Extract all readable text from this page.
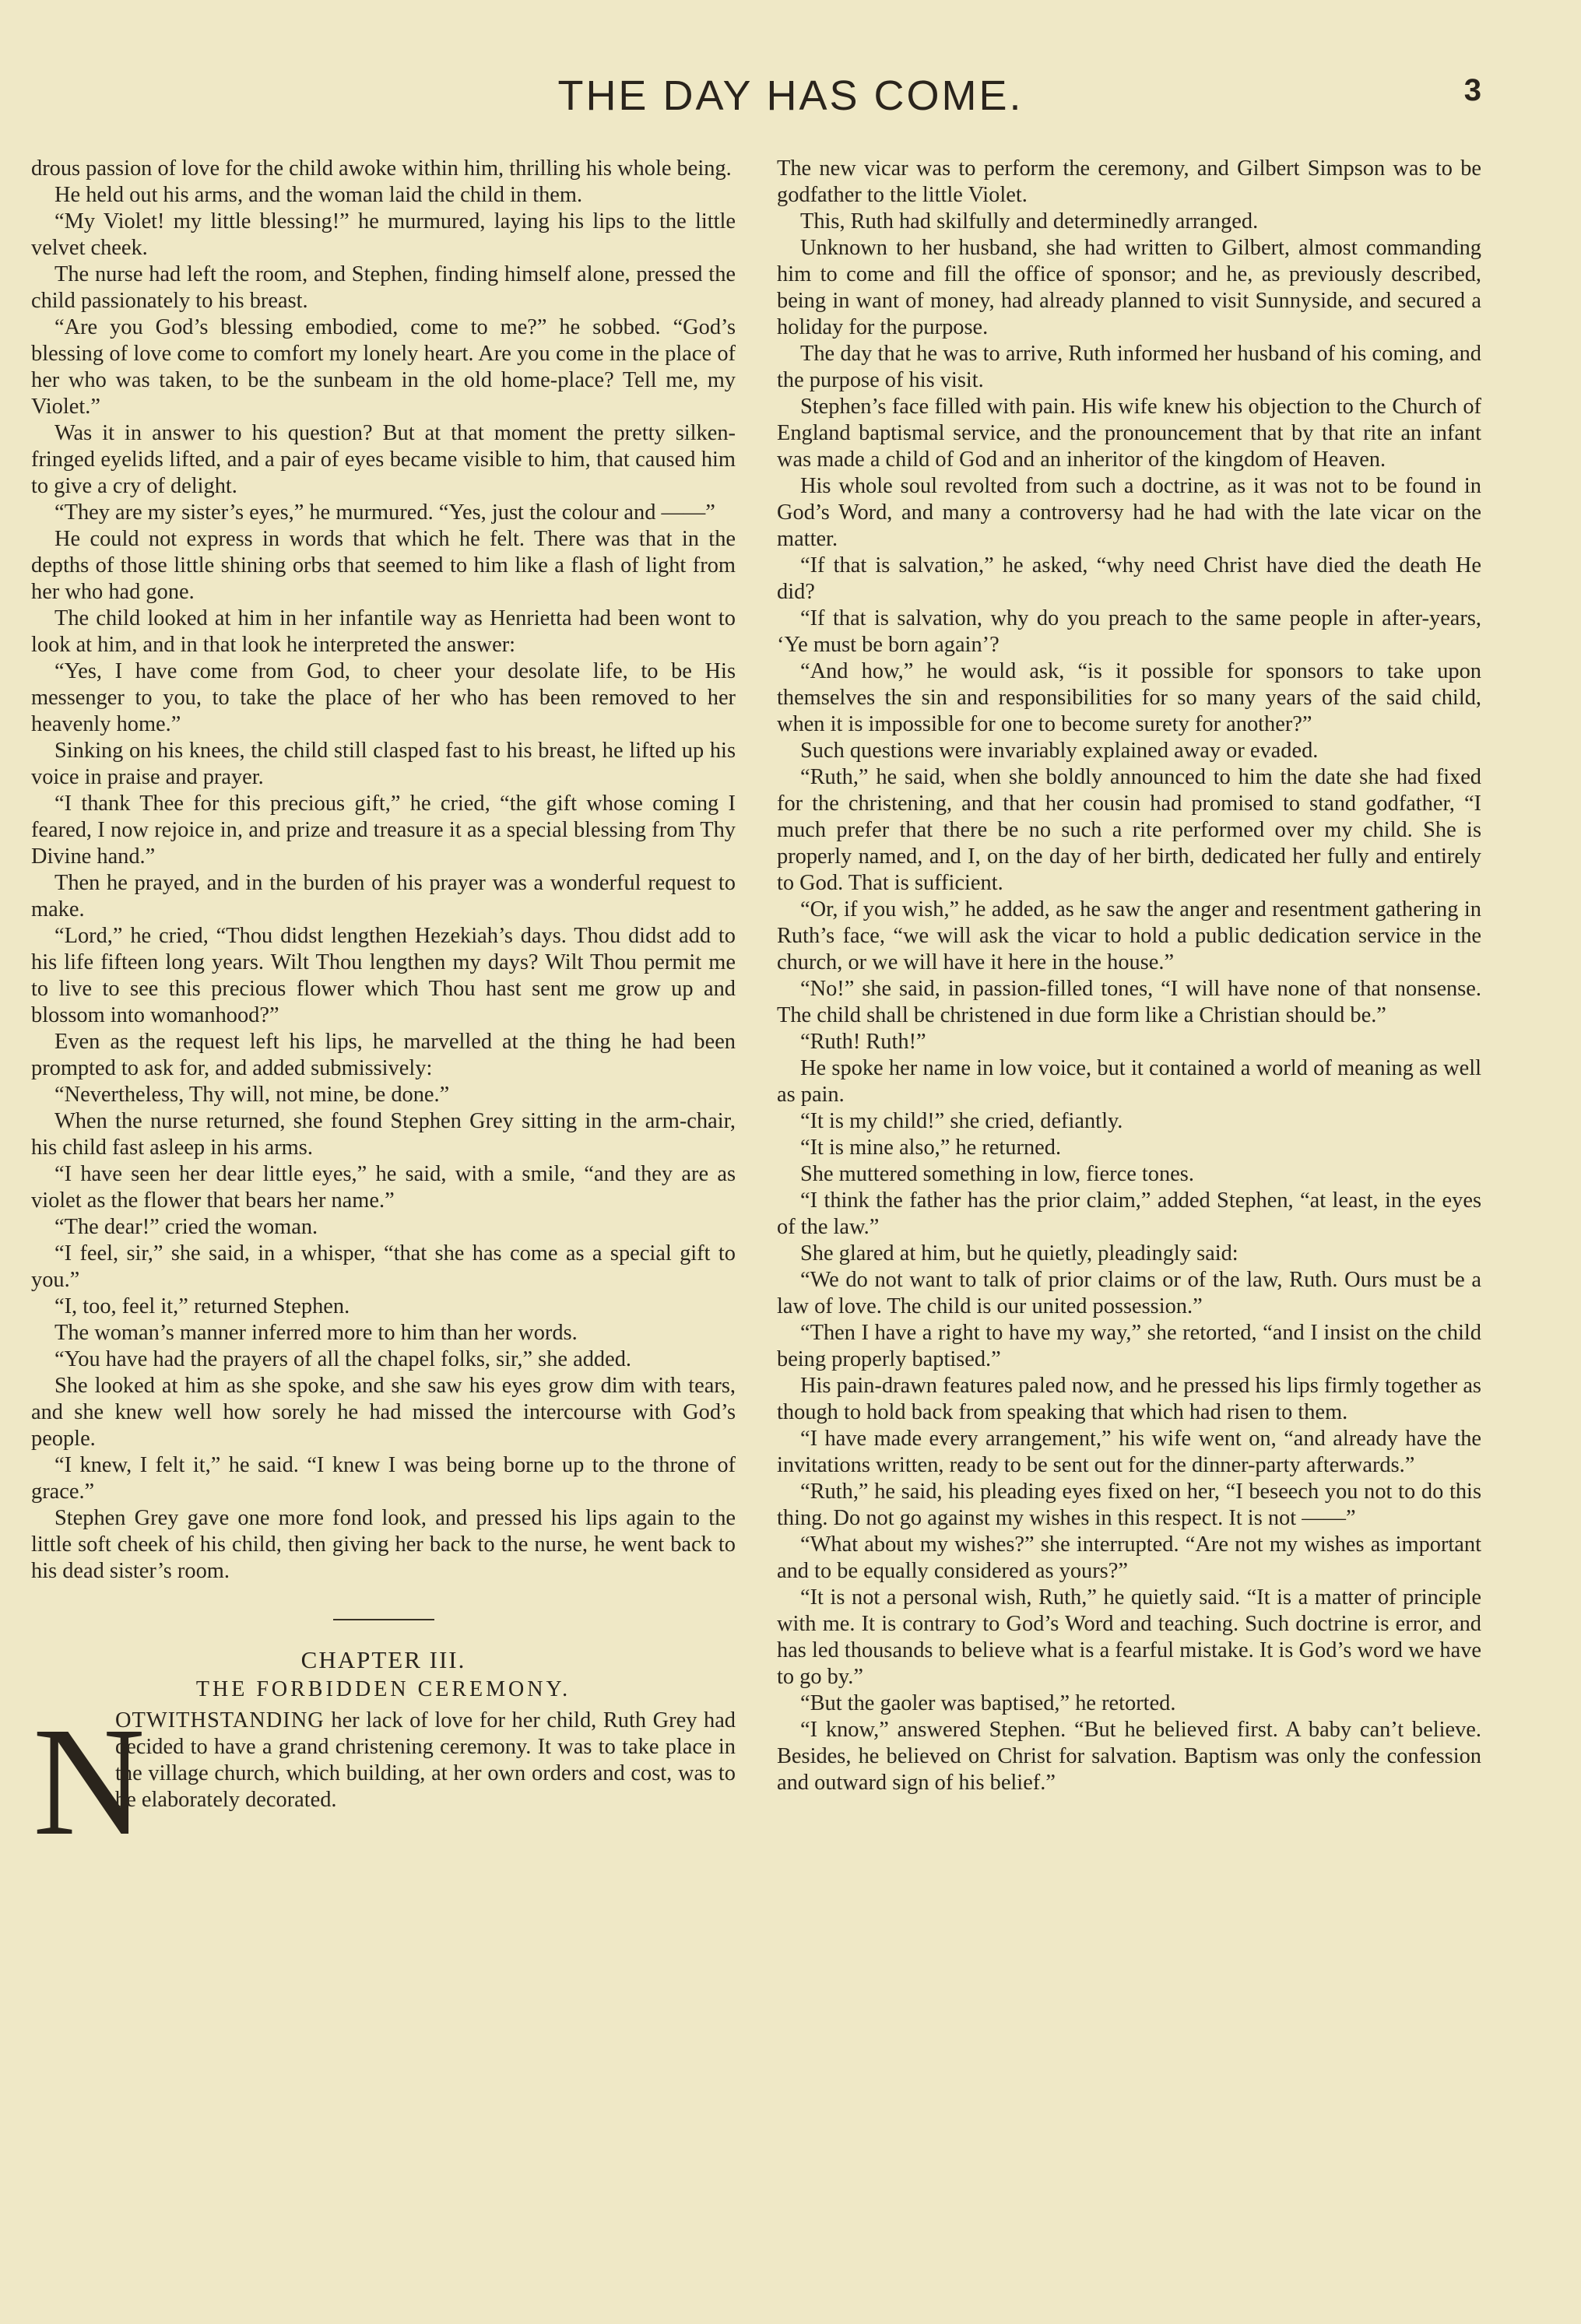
THE DAY HAS COME.	3

drous passion of love for the child awoke within him, thrilling his whole being.

He held out his arms, and the woman laid the child in them.

“My Violet! my little blessing!” he murmured, laying his lips to the little velvet cheek.

The nurse had left the room, and Stephen, finding himself alone, pressed the child passionately to his breast.

“Are you God’s blessing embodied, come to me?” he sobbed. “God’s blessing of love come to comfort my lonely heart. Are you come in the place of her who was taken, to be the sunbeam in the old home-place? Tell me, my Violet.”

Was it in answer to his question? But at that moment the pretty silken-fringed eyelids lifted, and a pair of eyes became visible to him, that caused him to give a cry of delight.

“They are my sister’s eyes,” he murmured. “Yes, just the colour and ——”

He could not express in words that which he felt. There was that in the depths of those little shining orbs that seemed to him like a flash of light from her who had gone.

The child looked at him in her infantile way as Henrietta had been wont to look at him, and in that look he interpreted the answer:

“Yes, I have come from God, to cheer your desolate life, to be His messenger to you, to take the place of her who has been removed to her heavenly home.”

Sinking on his knees, the child still clasped fast to his breast, he lifted up his voice in praise and prayer.

“I thank Thee for this precious gift,” he cried, “the gift whose coming I feared, I now rejoice in, and prize and treasure it as a special blessing from Thy Divine hand.”

Then he prayed, and in the burden of his prayer was a wonderful request to make.

“Lord,” he cried, “Thou didst lengthen Hezekiah’s days. Thou didst add to his life fifteen long years. Wilt Thou lengthen my days? Wilt Thou permit me to live to see this precious flower which Thou hast sent me grow up and blossom into womanhood?”

Even as the request left his lips, he marvelled at the thing he had been prompted to ask for, and added submissively:

“Nevertheless, Thy will, not mine, be done.”

When the nurse returned, she found Stephen Grey sitting in the arm-chair, his child fast asleep in his arms.

“I have seen her dear little eyes,” he said, with a smile, “and they are as violet as the flower that bears her name.”

“The dear!” cried the woman.

“I feel, sir,” she said, in a whisper, “that she has come as a special gift to you.”

“I, too, feel it,” returned Stephen.

The woman’s manner inferred more to him than her words.

“You have had the prayers of all the chapel folks, sir,” she added.

She looked at him as she spoke, and she saw his eyes grow dim with tears, and she knew well how sorely he had missed the intercourse with God’s people.

“I knew, I felt it,” he said. “I knew I was being borne up to the throne of grace.”

Stephen Grey gave one more fond look, and pressed his lips again to the little soft cheek of his child, then giving her back to the nurse, he went back to his dead sister’s room.

CHAPTER III.
THE FORBIDDEN CEREMONY.

N
OTWITHSTANDING her lack of love for her child, Ruth Grey had decided to have a grand christening ceremony. It was to take place in the village church, which building, at her own orders and cost, was to be elaborately decorated.

The new vicar was to perform the ceremony, and Gilbert Simpson was to be godfather to the little Violet.

This, Ruth had skilfully and determinedly arranged.

Unknown to her husband, she had written to Gilbert, almost commanding him to come and fill the office of sponsor; and he, as previously described, being in want of money, had already planned to visit Sunnyside, and secured a holiday for the purpose.

The day that he was to arrive, Ruth informed her husband of his coming, and the purpose of his visit.

Stephen’s face filled with pain. His wife knew his objection to the Church of England baptismal service, and the pronouncement that by that rite an infant was made a child of God and an inheritor of the kingdom of Heaven.

His whole soul revolted from such a doctrine, as it was not to be found in God’s Word, and many a controversy had he had with the late vicar on the matter.

“If that is salvation,” he asked, “why need Christ have died the death He did?

“If that is salvation, why do you preach to the same people in after-years, ‘Ye must be born again’?

“And how,” he would ask, “is it possible for sponsors to take upon themselves the sin and responsibilities for so many years of the said child, when it is impossible for one to become surety for another?”

Such questions were invariably explained away or evaded.

“Ruth,” he said, when she boldly announced to him the date she had fixed for the christening, and that her cousin had promised to stand godfather, “I much prefer that there be no such a rite performed over my child. She is properly named, and I, on the day of her birth, dedicated her fully and entirely to God. That is sufficient.

“Or, if you wish,” he added, as he saw the anger and resentment gathering in Ruth’s face, “we will ask the vicar to hold a public dedication service in the church, or we will have it here in the house.”

“No!” she said, in passion-filled tones, “I will have none of that nonsense. The child shall be christened in due form like a Christian should be.”

“Ruth! Ruth!”

He spoke her name in low voice, but it contained a world of meaning as well as pain.

“It is my child!” she cried, defiantly.

“It is mine also,” he returned.

She muttered something in low, fierce tones.

“I think the father has the prior claim,” added Stephen, “at least, in the eyes of the law.”

She glared at him, but he quietly, pleadingly said:

“We do not want to talk of prior claims or of the law, Ruth. Ours must be a law of love. The child is our united possession.”

“Then I have a right to have my way,” she retorted, “and I insist on the child being properly baptised.”

His pain-drawn features paled now, and he pressed his lips firmly together as though to hold back from speaking that which had risen to them.

“I have made every arrangement,” his wife went on, “and already have the invitations written, ready to be sent out for the dinner-party afterwards.”

“Ruth,” he said, his pleading eyes fixed on her, “I beseech you not to do this thing. Do not go against my wishes in this respect. It is not ——”

“What about my wishes?” she interrupted. “Are not my wishes as important and to be equally considered as yours?”

“It is not a personal wish, Ruth,” he quietly said. “It is a matter of principle with me. It is contrary to God’s Word and teaching. Such doctrine is error, and has led thousands to believe what is a fearful mistake. It is God’s word we have to go by.”

“But the gaoler was baptised,” he retorted.

“I know,” answered Stephen. “But he believed first. A baby can’t believe. Besides, he believed on Christ for salvation. Baptism was only the confession and outward sign of his belief.”
